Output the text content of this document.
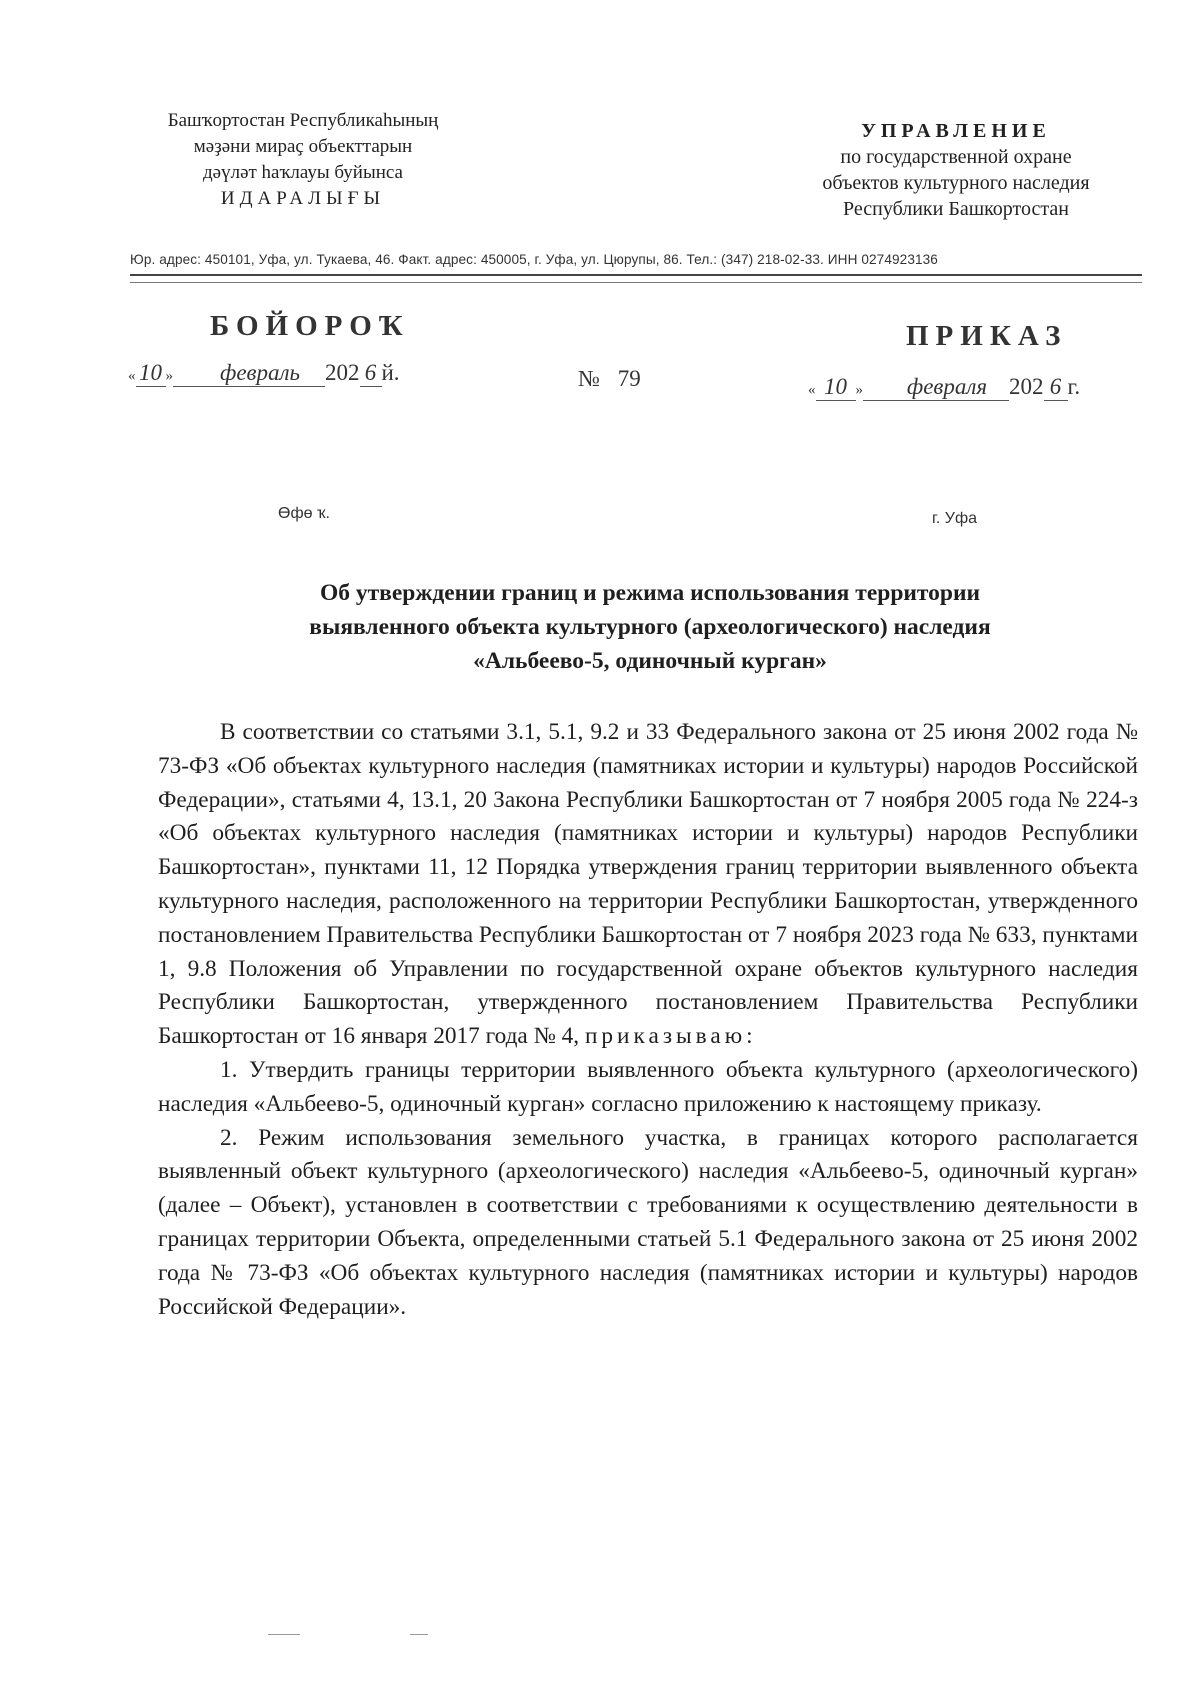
Башҡортостан Республикаһының
мәҙәни мираҫ объекттарын
дәүләт һаҡлауы буйынса
ИДАРАЛЫҒЫ
УПРАВЛЕНИЕ
по государственной охране
объектов культурного наследия
Республики Башкортостан
Юр. адрес: 450101, Уфа, ул. Тукаева, 46. Факт. адрес: 450005, г. Уфа, ул. Цюрупы, 86. Тел.: (347) 218-02-33. ИНН 0274923136
БОЙОРОҠ	ПРИКАЗ
« 10 » февраль 202 6 й.	№ 79	« 10 » февраля 202 6 г.
Өфө ҡ.	г. Уфа
Об утверждении границ и режима использования территории
выявленного объекта культурного (археологического) наследия
«Альбеево-5, одиночный курган»

В соответствии со статьями 3.1, 5.1, 9.2 и 33 Федерального закона от 25 июня 2002 года № 73-ФЗ «Об объектах культурного наследия (памятниках истории и культуры) народов Российской Федерации», статьями 4, 13.1, 20 Закона Республики Башкортостан от 7 ноября 2005 года № 224-з «Об объектах культурного наследия (памятниках истории и культуры) народов Республики Башкортостан», пунктами 11, 12 Порядка утверждения границ территории выявленного объекта культурного наследия, расположенного на территории Республики Башкортостан, утвержденного постановлением Правительства Республики Башкортостан от 7 ноября 2023 года № 633, пунктами 1, 9.8 Положения об Управлении по государственной охране объектов культурного наследия Республики Башкортостан, утвержденного постановлением Правительства Республики Башкортостан от 16 января 2017 года № 4, приказываю:

1. Утвердить границы территории выявленного объекта культурного (археологического) наследия «Альбеево-5, одиночный курган» согласно приложению к настоящему приказу.

2. Режим использования земельного участка, в границах которого располагается выявленный объект культурного (археологического) наследия «Альбеево-5, одиночный курган» (далее – Объект), установлен в соответствии с требованиями к осуществлению деятельности в границах территории Объекта, определенными статьей 5.1 Федерального закона от 25 июня 2002 года № 73-ФЗ «Об объектах культурного наследия (памятниках истории и культуры) народов Российской Федерации».
